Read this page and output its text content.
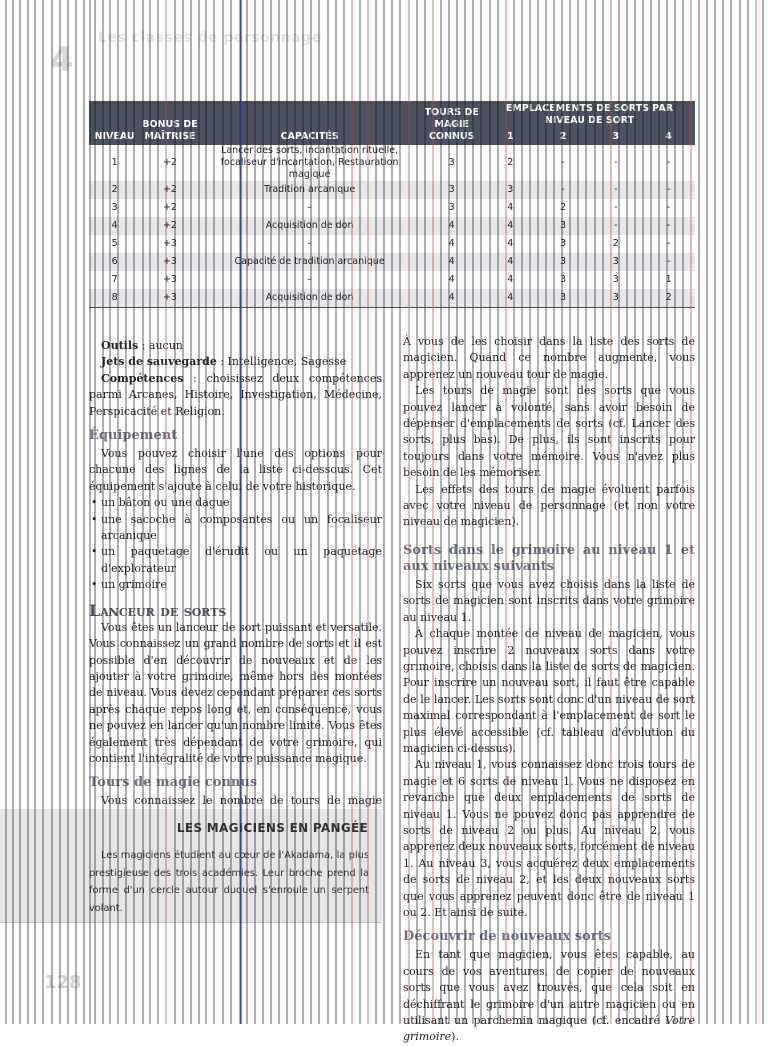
4
Les classes de personnage
NIVEAU	BONUS DE MAÎTRISE	CAPACITÉS	TOURS DE MAGIE CONNUS	EMPLACEMENTS DE SORTS PAR NIVEAU DE SORT			
				1	2	3	4
1	+2	Lancer des sorts, incantation rituelle, focaliseur d'incantation, Restauration magique	3	2	-	-	-
2	+2	Tradition arcanique	3	3	-	-	-
3	+2	–	3	4	2	-	-
4	+2	Acquisition de don	4	4	3	-	-
5	+3	–	4	4	3	2	-
6	+3	Capacité de tradition arcanique	4	4	3	3	-
7	+3	–	4	4	3	3	1
8	+3	Acquisition de don	4	4	3	3	2

Outils : aucun

Jets de sauvegarde : Intelligence, Sagesse

Compétences : choisissez deux compétences parmi Arcanes, Histoire, Investigation, Médecine, Perspicacité et Religion.

Équipement

Vous pouvez choisir l'une des options pour chacune des lignes de la liste ci-dessous. Cet équipement s'ajoute à celui de votre historique.

• un bâton ou une dague
• une sacoche à composantes ou un focaliseur arcanique
• un paquetage d'érudit ou un paquetage d'explorateur
• un grimoire
Lanceur de sorts

Vous êtes un lanceur de sort puissant et versatile. Vous connaissez un grand nombre de sorts et il est possible d'en découvrir de nouveaux et de les ajouter à votre grimoire, même hors des montées de niveau. Vous devez cependant préparer ces sorts après chaque repos long et, en conséquence, vous ne pouvez en lancer qu'un nombre limité. Vous êtes également très dépendant de votre grimoire, qui contient l'intégralité de votre puissance magique.

Tours de magie connus

Vous connaissez le nombre de tours de magie

LES MAGICIENS EN PANGÉE

Les magiciens étudient au cœur de l'Akadama, la plus prestigieuse des trois académies. Leur broche prend la forme d'un cercle autour duquel s'enroule un serpent volant.

À vous de les choisir dans la liste des sorts de magicien. Quand ce nombre augmente, vous apprenez un nouveau tour de magie.

Les tours de magie sont des sorts que vous pouvez lancer à volonté, sans avoir besoin de dépenser d'emplacements de sorts (cf. Lancer des sorts, plus bas). De plus, ils sont inscrits pour toujours dans votre mémoire. Vous n'avez plus besoin de les mémoriser.

Les effets des tours de magie évoluent parfois avec votre niveau de personnage (et non votre niveau de magicien).

Sorts dans le grimoire au niveau 1 et aux niveaux suivants

Six sorts que vous avez choisis dans la liste de sorts de magicien sont inscrits dans votre grimoire au niveau 1.

À chaque montée de niveau de magicien, vous pouvez inscrire 2 nouveaux sorts dans votre grimoire, choisis dans la liste de sorts de magicien. Pour inscrire un nouveau sort, il faut être capable de le lancer. Les sorts sont donc d'un niveau de sort maximal correspondant à l'emplacement de sort le plus élevé accessible (cf. tableau d'évolution du magicien ci-dessus).

Au niveau 1, vous connaissez donc trois tours de magie et 6 sorts de niveau 1. Vous ne disposez en revanche que deux emplacements de sorts de niveau 1. Vous ne pouvez donc pas apprendre de sorts de niveau 2 ou plus. Au niveau 2, vous apprenez deux nouveaux sorts, forcément de niveau 1. Au niveau 3, vous acquérez deux emplacements de sorts de niveau 2, et les deux nouveaux sorts que vous apprenez peuvent donc être de niveau 1 ou 2. Et ainsi de suite.

Découvrir de nouveaux sorts

En tant que magicien, vous êtes capable, au cours de vos aventures, de copier de nouveaux sorts que vous avez trouvés, que cela soit en déchiffrant le grimoire d'un autre magicien ou en utilisant un parchemin magique (cf. encadré Votre grimoire).

128
